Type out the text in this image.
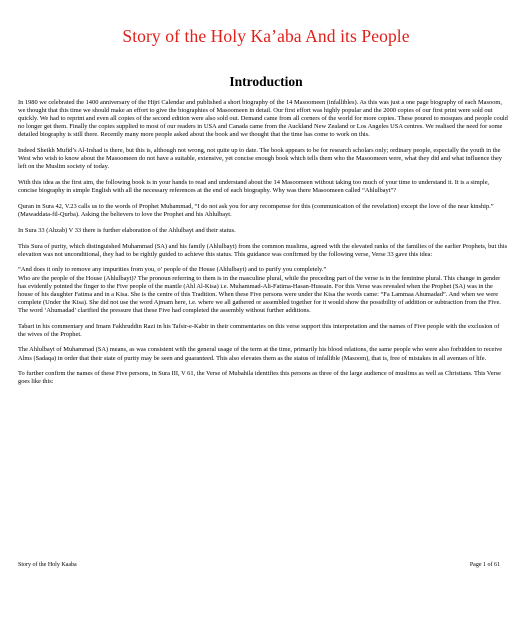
Story of the Holy Ka’aba And its People
Introduction

In 1980 we celebrated the 1400 anniversary of the Hijri Calendar and published a short biography of the 14 Masoomeen (infallibles). As this was just a one page biography of each Masoom, we thought that this time we should make an effort to give the biographies of Masoomeen in detail. Our first effort was highly popular and the 2000 copies of our first print were sold out quickly. We had to reprint and even all copies of the second edition were also sold out. Demand came from all corners of the world for more copies. These poured to mosques and people could no longer get them. Finally the copies supplied to most of our readers in USA and Canada came from the Auckland New Zealand or Los Angeles USA centres. We realised the need for some detailed biography is still there. Recently many more people asked about the book and we thought that the time has come to work on this.

Indeed Sheikh Mufid’s Al-Irshad is there, but this is, although not wrong, not quite up to date. The book appears to be for research scholars only; ordinary people, especially the youth in the West who wish to know about the Masoomeen do not have a suitable, extensive, yet concise enough book which tells them who the Masoomeen were, what they did and what influence they left on the Muslim society of today.

With this idea as the first aim, the following book is in your hands to read and understand about the 14 Masoomeen without taking too much of your time to understand it. It is a simple, concise biography in simple English with all the necessary references at the end of each biography. Why was there Masoomeen called “Ahlulbayt”?

Quran in Sura 42, V.23 calls us to the words of Prophet Muhammad, “I do not ask you for any recompense for this (communication of the revelation) except the love of the near kinship.” (Mawaddata-fil-Qurba). Asking the believers to love the Prophet and his Ahlulbayt.

In Sura 33 (Ahzab) V 33 there is further elaboration of the Ahlulbayt and their status.

This Sura of purity, which distinguished Muhammad (SA) and his family (Ahlulbayt) from the common muslims, agreed with the elevated ranks of the families of the earlier Prophets, but this elevation was not unconditional, they had to be rightly guided to achieve this status. This guidance was confirmed by the following verse, Verse 33 gave this idea:

“And does it only to remove any impurities from you, o’ people of the House (Ahlulbayt) and to purify you completely.”

Who are the people of the House (Ahlulbayt)? The pronoun referring to them is in the masculine plural, while the preceding part of the verse is in the feminine plural. This change in gender has evidently pointed the finger to the Five people of the mantle (Ahl Al-Kisa) i.e. Muhammad-Ali-Fatima-Hasan-Hussain. For this Verse was revealed when the Prophet (SA) was in the house of his daughter Fatima and in a Kisa. She is the centre of this Tradition. When these Five persons were under the Kisa the words came: “Fa Lammaa Ahumadad”. And when we were complete (Under the Kisa). She did not use the word Ajmam here, i.e. where we all gathered or assembled together for it would show the possibility of addition or subtraction from the Five. The word ‘Ahumadad’ clarified the pressure that these Five had completed the assembly without further additions.

Tabari in his commentary and Imam Fakhruddin Razi in his Tafsir-e-Kabir in their commentaries on this verse support this interpretation and the names of Five people with the exclusion of the wives of the Prophet.

The Ahlulbayt of Muhammad (SA) means, as was consistent with the general usage of the term at the time, primarily his blood relations, the same people who were also forbidden to receive Alms (Sadaqa) in order that their state of purity may be seen and guaranteed. This also elevates them as the status of infallible (Masoom), that is, free of mistakes in all avenues of life.

To further confirm the names of these Five persons, in Sura III, V 61, the Verse of Mubahila identifies this persons as three of the large audience of muslims as well as Christians. This Verse goes like this:

Story of the Holy Kaaba	Page 1 of 61
